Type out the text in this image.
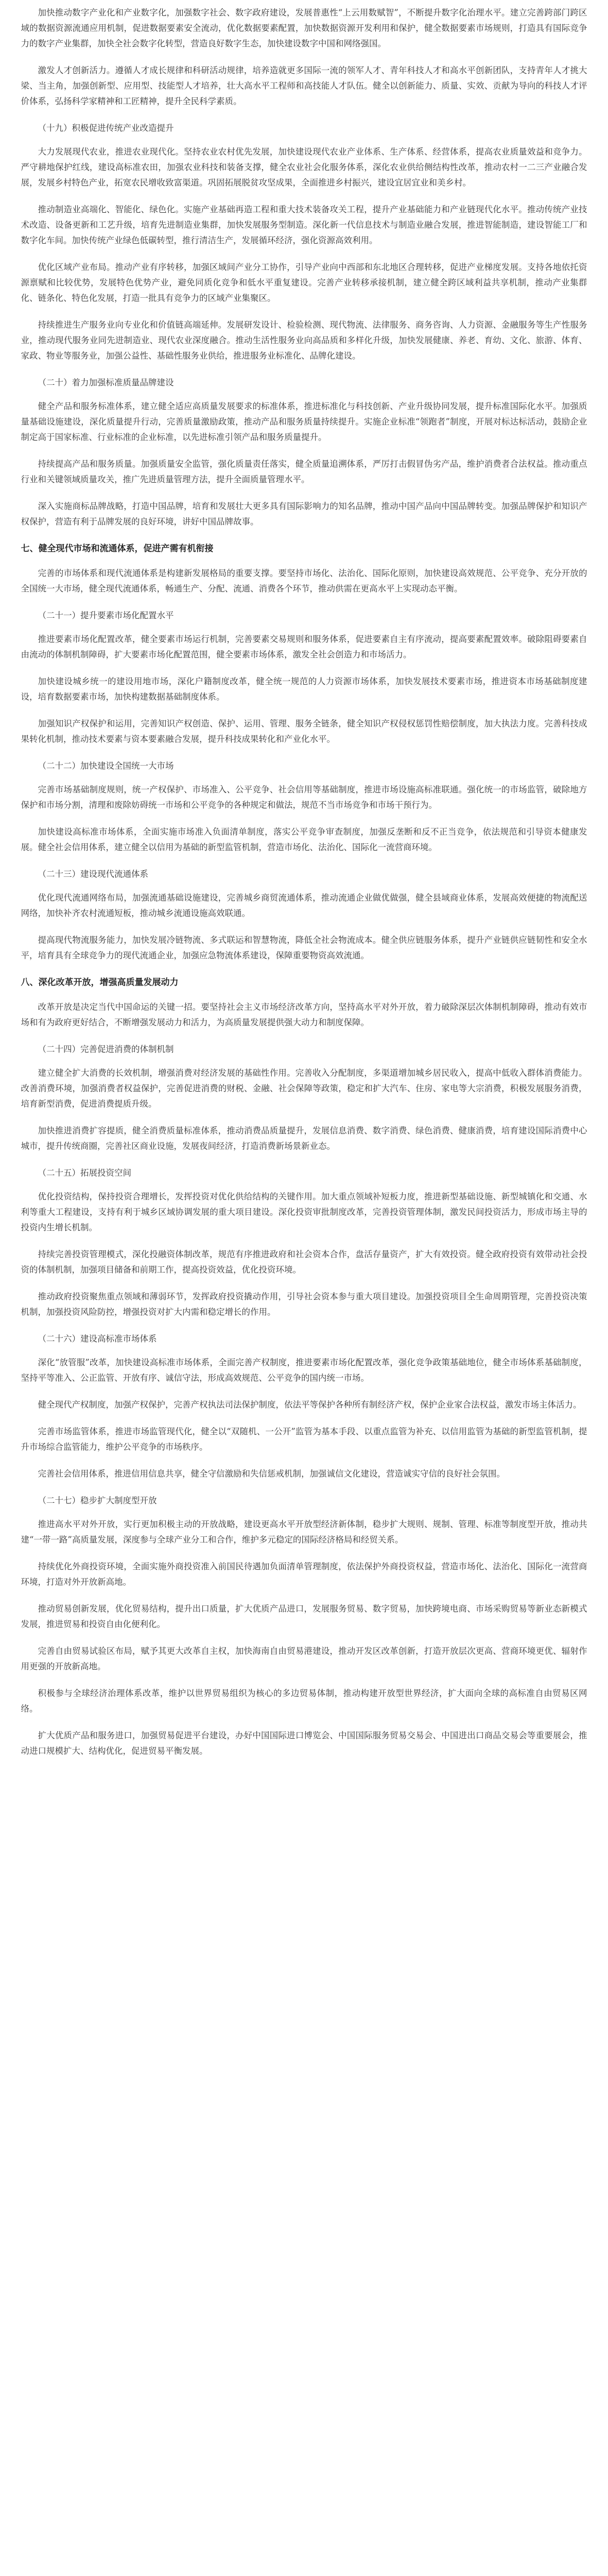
加快推动数字产业化和产业数字化，加强数字社会、数字政府建设，发展普惠性“上云用数赋智”，不断提升数字化治理水平。建立完善跨部门跨区域的数据资源流通应用机制，促进数据要素安全流动，优化数据要素配置，加快数据资源开发利用和保护，健全数据要素市场规则，打造具有国际竞争力的数字产业集群，加快全社会数字化转型，营造良好数字生态，加快建设数字中国和网络强国。

激发人才创新活力。遵循人才成长规律和科研活动规律，培养造就更多国际一流的领军人才、青年科技人才和高水平创新团队，支持青年人才挑大梁、当主角，加强创新型、应用型、技能型人才培养，壮大高水平工程师和高技能人才队伍。健全以创新能力、质量、实效、贡献为导向的科技人才评价体系，弘扬科学家精神和工匠精神，提升全民科学素质。

（十九）积极促进传统产业改造提升

大力发展现代农业，推进农业现代化。坚持农业农村优先发展，加快建设现代农业产业体系、生产体系、经营体系，提高农业质量效益和竞争力。严守耕地保护红线，建设高标准农田，加强农业科技和装备支撑，健全农业社会化服务体系，深化农业供给侧结构性改革，推动农村一二三产业融合发展，发展乡村特色产业，拓宽农民增收致富渠道。巩固拓展脱贫攻坚成果，全面推进乡村振兴，建设宜居宜业和美乡村。

推动制造业高端化、智能化、绿色化。实施产业基础再造工程和重大技术装备攻关工程，提升产业基础能力和产业链现代化水平。推动传统产业技术改造、设备更新和工艺升级，培育先进制造业集群，加快发展服务型制造。深化新一代信息技术与制造业融合发展，推进智能制造，建设智能工厂和数字化车间。加快传统产业绿色低碳转型，推行清洁生产，发展循环经济，强化资源高效利用。

优化区域产业布局。推动产业有序转移，加强区域间产业分工协作，引导产业向中西部和东北地区合理转移，促进产业梯度发展。支持各地依托资源禀赋和比较优势，发展特色优势产业，避免同质化竞争和低水平重复建设。完善产业转移承接机制，建立健全跨区域利益共享机制，推动产业集群化、链条化、特色化发展，打造一批具有竞争力的区域产业集聚区。

持续推进生产服务业向专业化和价值链高端延伸。发展研发设计、检验检测、现代物流、法律服务、商务咨询、人力资源、金融服务等生产性服务业，推动现代服务业同先进制造业、现代农业深度融合。推动生活性服务业向高品质和多样化升级，加快发展健康、养老、育幼、文化、旅游、体育、家政、物业等服务业，加强公益性、基础性服务业供给，推进服务业标准化、品牌化建设。

（二十）着力加强标准质量品牌建设

健全产品和服务标准体系，建立健全适应高质量发展要求的标准体系，推进标准化与科技创新、产业升级协同发展，提升标准国际化水平。加强质量基础设施建设，深化质量提升行动，完善质量激励政策，推动产品和服务质量持续提升。实施企业标准“领跑者”制度，开展对标达标活动，鼓励企业制定高于国家标准、行业标准的企业标准，以先进标准引领产品和服务质量提升。

持续提高产品和服务质量。加强质量安全监管，强化质量责任落实，健全质量追溯体系，严厉打击假冒伪劣产品，维护消费者合法权益。推动重点行业和关键领域质量攻关，推广先进质量管理方法，提升全面质量管理水平。

深入实施商标品牌战略，打造中国品牌，培育和发展壮大更多具有国际影响力的知名品牌，推动中国产品向中国品牌转变。加强品牌保护和知识产权保护，营造有利于品牌发展的良好环境，讲好中国品牌故事。

七、健全现代市场和流通体系，促进产需有机衔接

完善的市场体系和现代流通体系是构建新发展格局的重要支撑。要坚持市场化、法治化、国际化原则，加快建设高效规范、公平竞争、充分开放的全国统一大市场，健全现代流通体系，畅通生产、分配、流通、消费各个环节，推动供需在更高水平上实现动态平衡。

（二十一）提升要素市场化配置水平

推进要素市场化配置改革，健全要素市场运行机制，完善要素交易规则和服务体系，促进要素自主有序流动，提高要素配置效率。破除阻碍要素自由流动的体制机制障碍，扩大要素市场化配置范围，健全要素市场体系，激发全社会创造力和市场活力。

加快建设城乡统一的建设用地市场，深化户籍制度改革，健全统一规范的人力资源市场体系，加快发展技术要素市场，推进资本市场基础制度建设，培育数据要素市场，加快构建数据基础制度体系。

加强知识产权保护和运用，完善知识产权创造、保护、运用、管理、服务全链条，健全知识产权侵权惩罚性赔偿制度，加大执法力度。完善科技成果转化机制，推动技术要素与资本要素融合发展，提升科技成果转化和产业化水平。

（二十二）加快建设全国统一大市场

完善市场基础制度规则，统一产权保护、市场准入、公平竞争、社会信用等基础制度，推进市场设施高标准联通。强化统一的市场监管，破除地方保护和市场分割，清理和废除妨碍统一市场和公平竞争的各种规定和做法，规范不当市场竞争和市场干预行为。

加快建设高标准市场体系，全面实施市场准入负面清单制度，落实公平竞争审查制度，加强反垄断和反不正当竞争，依法规范和引导资本健康发展。健全社会信用体系，建立健全以信用为基础的新型监管机制，营造市场化、法治化、国际化一流营商环境。

（二十三）建设现代流通体系

优化现代流通网络布局，加强流通基础设施建设，完善城乡商贸流通体系，推动流通企业做优做强，健全县域商业体系，发展高效便捷的物流配送网络，加快补齐农村流通短板，推动城乡流通设施高效联通。

提高现代物流服务能力，加快发展冷链物流、多式联运和智慧物流，降低全社会物流成本。健全供应链服务体系，提升产业链供应链韧性和安全水平，培育具有全球竞争力的现代流通企业，加强应急物流体系建设，保障重要物资高效流通。

八、深化改革开放，增强高质量发展动力

改革开放是决定当代中国命运的关键一招。要坚持社会主义市场经济改革方向，坚持高水平对外开放，着力破除深层次体制机制障碍，推动有效市场和有为政府更好结合，不断增强发展动力和活力，为高质量发展提供强大动力和制度保障。

（二十四）完善促进消费的体制机制

建立健全扩大消费的长效机制，增强消费对经济发展的基础性作用。完善收入分配制度，多渠道增加城乡居民收入，提高中低收入群体消费能力。改善消费环境，加强消费者权益保护，完善促进消费的财税、金融、社会保障等政策，稳定和扩大汽车、住房、家电等大宗消费，积极发展服务消费，培育新型消费，促进消费提质升级。

加快推进消费扩容提质，健全消费质量标准体系，推动消费品质量提升，发展信息消费、数字消费、绿色消费、健康消费，培育建设国际消费中心城市，提升传统商圈，完善社区商业设施，发展夜间经济，打造消费新场景新业态。

（二十五）拓展投资空间

优化投资结构，保持投资合理增长，发挥投资对优化供给结构的关键作用。加大重点领域补短板力度，推进新型基础设施、新型城镇化和交通、水利等重大工程建设，支持有利于城乡区域协调发展的重大项目建设。深化投资审批制度改革，完善投资管理体制，激发民间投资活力，形成市场主导的投资内生增长机制。

持续完善投资管理模式，深化投融资体制改革，规范有序推进政府和社会资本合作，盘活存量资产，扩大有效投资。健全政府投资有效带动社会投资的体制机制，加强项目储备和前期工作，提高投资效益，优化投资环境。

推动政府投资聚焦重点领域和薄弱环节，发挥政府投资撬动作用，引导社会资本参与重大项目建设。加强投资项目全生命周期管理，完善投资决策机制，加强投资风险防控，增强投资对扩大内需和稳定增长的作用。

（二十六）建设高标准市场体系

深化“放管服”改革，加快建设高标准市场体系，全面完善产权制度，推进要素市场化配置改革，强化竞争政策基础地位，健全市场体系基础制度，坚持平等准入、公正监管、开放有序、诚信守法，形成高效规范、公平竞争的国内统一市场。

健全现代产权制度，加强产权保护，完善产权执法司法保护制度，依法平等保护各种所有制经济产权，保护企业家合法权益，激发市场主体活力。

完善市场监管体系，推进市场监管现代化，健全以“双随机、一公开”监管为基本手段、以重点监管为补充、以信用监管为基础的新型监管机制，提升市场综合监管能力，维护公平竞争的市场秩序。

完善社会信用体系，推进信用信息共享，健全守信激励和失信惩戒机制，加强诚信文化建设，营造诚实守信的良好社会氛围。

（二十七）稳步扩大制度型开放

推进高水平对外开放，实行更加积极主动的开放战略，建设更高水平开放型经济新体制，稳步扩大规则、规制、管理、标准等制度型开放，推动共建“一带一路”高质量发展，深度参与全球产业分工和合作，维护多元稳定的国际经济格局和经贸关系。

持续优化外商投资环境，全面实施外商投资准入前国民待遇加负面清单管理制度，依法保护外商投资权益，营造市场化、法治化、国际化一流营商环境，打造对外开放新高地。

推动贸易创新发展，优化贸易结构，提升出口质量，扩大优质产品进口，发展服务贸易、数字贸易，加快跨境电商、市场采购贸易等新业态新模式发展，推进贸易和投资自由化便利化。

完善自由贸易试验区布局，赋予其更大改革自主权，加快海南自由贸易港建设，推动开发区改革创新，打造开放层次更高、营商环境更优、辐射作用更强的开放新高地。

积极参与全球经济治理体系改革，维护以世界贸易组织为核心的多边贸易体制，推动构建开放型世界经济，扩大面向全球的高标准自由贸易区网络。

扩大优质产品和服务进口，加强贸易促进平台建设，办好中国国际进口博览会、中国国际服务贸易交易会、中国进出口商品交易会等重要展会，推动进口规模扩大、结构优化，促进贸易平衡发展。
